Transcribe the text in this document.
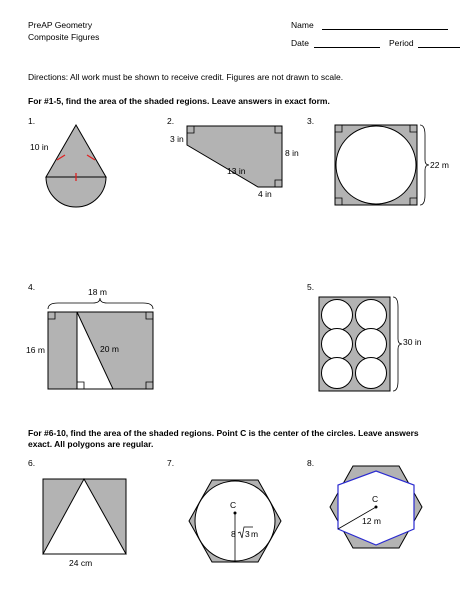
PreAP Geometry
Composite Figures
Name
Date	Period
Directions: All work must be shown to receive credit. Figures are not drawn to scale.
For #1-5, find the area of the shaded regions. Leave answers in exact form.
1.	2.	3.
4.	5.
10 in
3 in
8 in
13 in
4 in
22 m
18 m
16 m	20 m
30 in
For #6-10, find the area of the shaded regions. Point C is the center of the circles. Leave answers
exact. All polygons are regular.
6.	7.	8.
24 cm
C
8 3 m
C
12 m
